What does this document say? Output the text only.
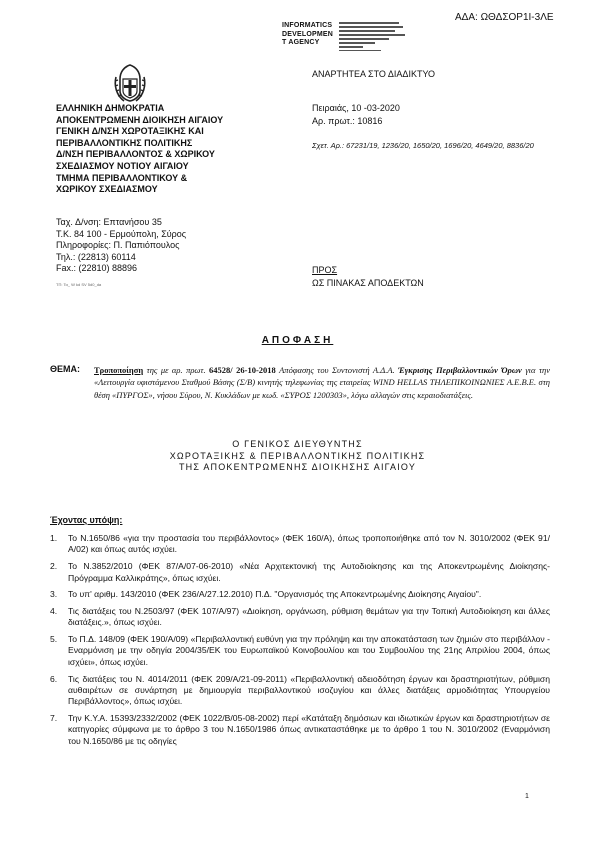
ΑΔΑ: ΩΘΔΣΟΡ1Ι-3ΛΕ
INFORMATICS
DEVELOPMEN
T AGENCY
ΑΝΑΡΤΗΤΕΑ ΣΤΟ ΔΙΑΔΙΚΤΥΟ
ΕΛΛΗΝΙΚΗ ΔΗΜΟΚΡΑΤΙΑ
ΑΠΟΚΕΝΤΡΩΜΕΝΗ ΔΙΟΙΚΗΣΗ ΑΙΓΑΙΟΥ
ΓΕΝΙΚΗ Δ/ΝΣΗ ΧΩΡΟΤΑΞΙΚΗΣ ΚΑΙ
ΠΕΡΙΒΑΛΛΟΝΤΙΚΗΣ ΠΟΛΙΤΙΚΗΣ
Δ/ΝΣΗ ΠΕΡΙΒΑΛΛΟΝΤΟΣ & ΧΩΡΙΚΟΥ
ΣΧΕΔΙΑΣΜΟΥ ΝΟΤΙΟΥ ΑΙΓΑΙΟΥ
ΤΜΗΜΑ ΠΕΡΙΒΑΛΛΟΝΤΙΚΟΥ &
ΧΩΡΙΚΟΥ ΣΧΕΔΙΑΣΜΟΥ
Ταχ. Δ/νση: Επτανήσου 35
Τ.Κ. 84 100 - Ερμούπολη, Σύρος
Πληροφορίες: Π. Παπιόπουλος
Τηλ.: (22813) 60114
Fax.: (22810) 88896
ΤΠ: Τα_ W kd SV 5d0_da
Πειραιάς, 10 -03-2020
Αρ. πρωτ.: 10816
Σχετ. Αρ.: 67231/19, 1236/20, 1650/20, 1696/20, 4649/20, 8836/20
ΠΡΟΣ
ΩΣ ΠΙΝΑΚΑΣ ΑΠΟΔΕΚΤΩΝ
ΑΠΟΦΑΣΗ
ΘΕΜΑ: Τροποποίηση της με αρ. πρωτ. 64528/ 26-10-2018 Απόφασης του Συντονιστή Α.Δ.Α. Έγκρισης Περιβαλλοντικών Όρων για την «Λειτουργία υφιστάμενου Σταθμού Βάσης (Σ/Β) κινητής τηλεφωνίας της εταιρείας WIND HELLAS ΤΗΛΕΠΙΚΟΙΝΩΝΙΕΣ Α.Ε.Β.Ε. στη θέση «ΠΥΡΓΟΣ», νήσου Σύρου, Ν. Κυκλάδων με κωδ. «ΣΥΡΟΣ 1200303», λόγω αλλαγών στις κεραιοδιατάξεις.
Ο ΓΕΝΙΚΟΣ ΔΙΕΥΘΥΝΤΗΣ
ΧΩΡΟΤΑΞΙΚΗΣ & ΠΕΡΙΒΑΛΛΟΝΤΙΚΗΣ ΠΟΛΙΤΙΚΗΣ
ΤΗΣ ΑΠΟΚΕΝΤΡΩΜΕΝΗΣ ΔΙΟΙΚΗΣΗΣ ΑΙΓΑΙΟΥ
Έχοντας υπόψη:
1.	Το Ν.1650/86 «για την προστασία του περιβάλλοντος» (ΦΕΚ 160/Α), όπως τροποποιήθηκε από τον Ν. 3010/2002 (ΦΕΚ 91/Α/02) και όπως αυτός ισχύει.
2.	Το Ν.3852/2010 (ΦΕΚ 87/Α/07-06-2010) «Νέα Αρχιτεκτονική της Αυτοδιοίκησης και της Αποκεντρωμένης Διοίκησης-Πρόγραμμα Καλλικράτης», όπως ισχύει.
3.	Το υπ' αριθμ. 143/2010 (ΦΕΚ 236/Α/27.12.2010) Π.Δ. "Οργανισμός της Αποκεντρωμένης Διοίκησης Αιγαίου".
4.	Τις διατάξεις του Ν.2503/97 (ΦΕΚ 107/Α/97) «Διοίκηση, οργάνωση, ρύθμιση θεμάτων για την Τοπική Αυτοδιοίκηση και άλλες διατάξεις.», όπως ισχύει.
5.	Το Π.Δ. 148/09 (ΦΕΚ 190/Α/09) «Περιβαλλοντική ευθύνη για την πρόληψη και την αποκατάσταση των ζημιών στο περιβάλλον - Εναρμόνιση με την οδηγία 2004/35/ΕΚ του Ευρωπαϊκού Κοινοβουλίου και του Συμβουλίου της 21ης Απριλίου 2004, όπως ισχύει», όπως ισχύει.
6.	Τις διατάξεις του Ν. 4014/2011 (ΦΕΚ 209/Α/21-09-2011) «Περιβαλλοντική αδειοδότηση έργων και δραστηριοτήτων, ρύθμιση αυθαιρέτων σε συνάρτηση με δημιουργία περιβαλλοντικού ισοζυγίου και άλλες διατάξεις αρμοδιότητας Υπουργείου Περιβάλλοντος», όπως ισχύει.
7.	Την Κ.Υ.Α. 15393/2332/2002 (ΦΕΚ 1022/Β/05-08-2002) περί «Κατάταξη δημόσιων και ιδιωτικών έργων και δραστηριοτήτων σε κατηγορίες σύμφωνα με το άρθρο 3 του Ν.1650/1986 όπως αντικαταστάθηκε με το άρθρο 1 του Ν. 3010/2002 (Εναρμόνιση του Ν.1650/86 με τις οδηγίες
1
